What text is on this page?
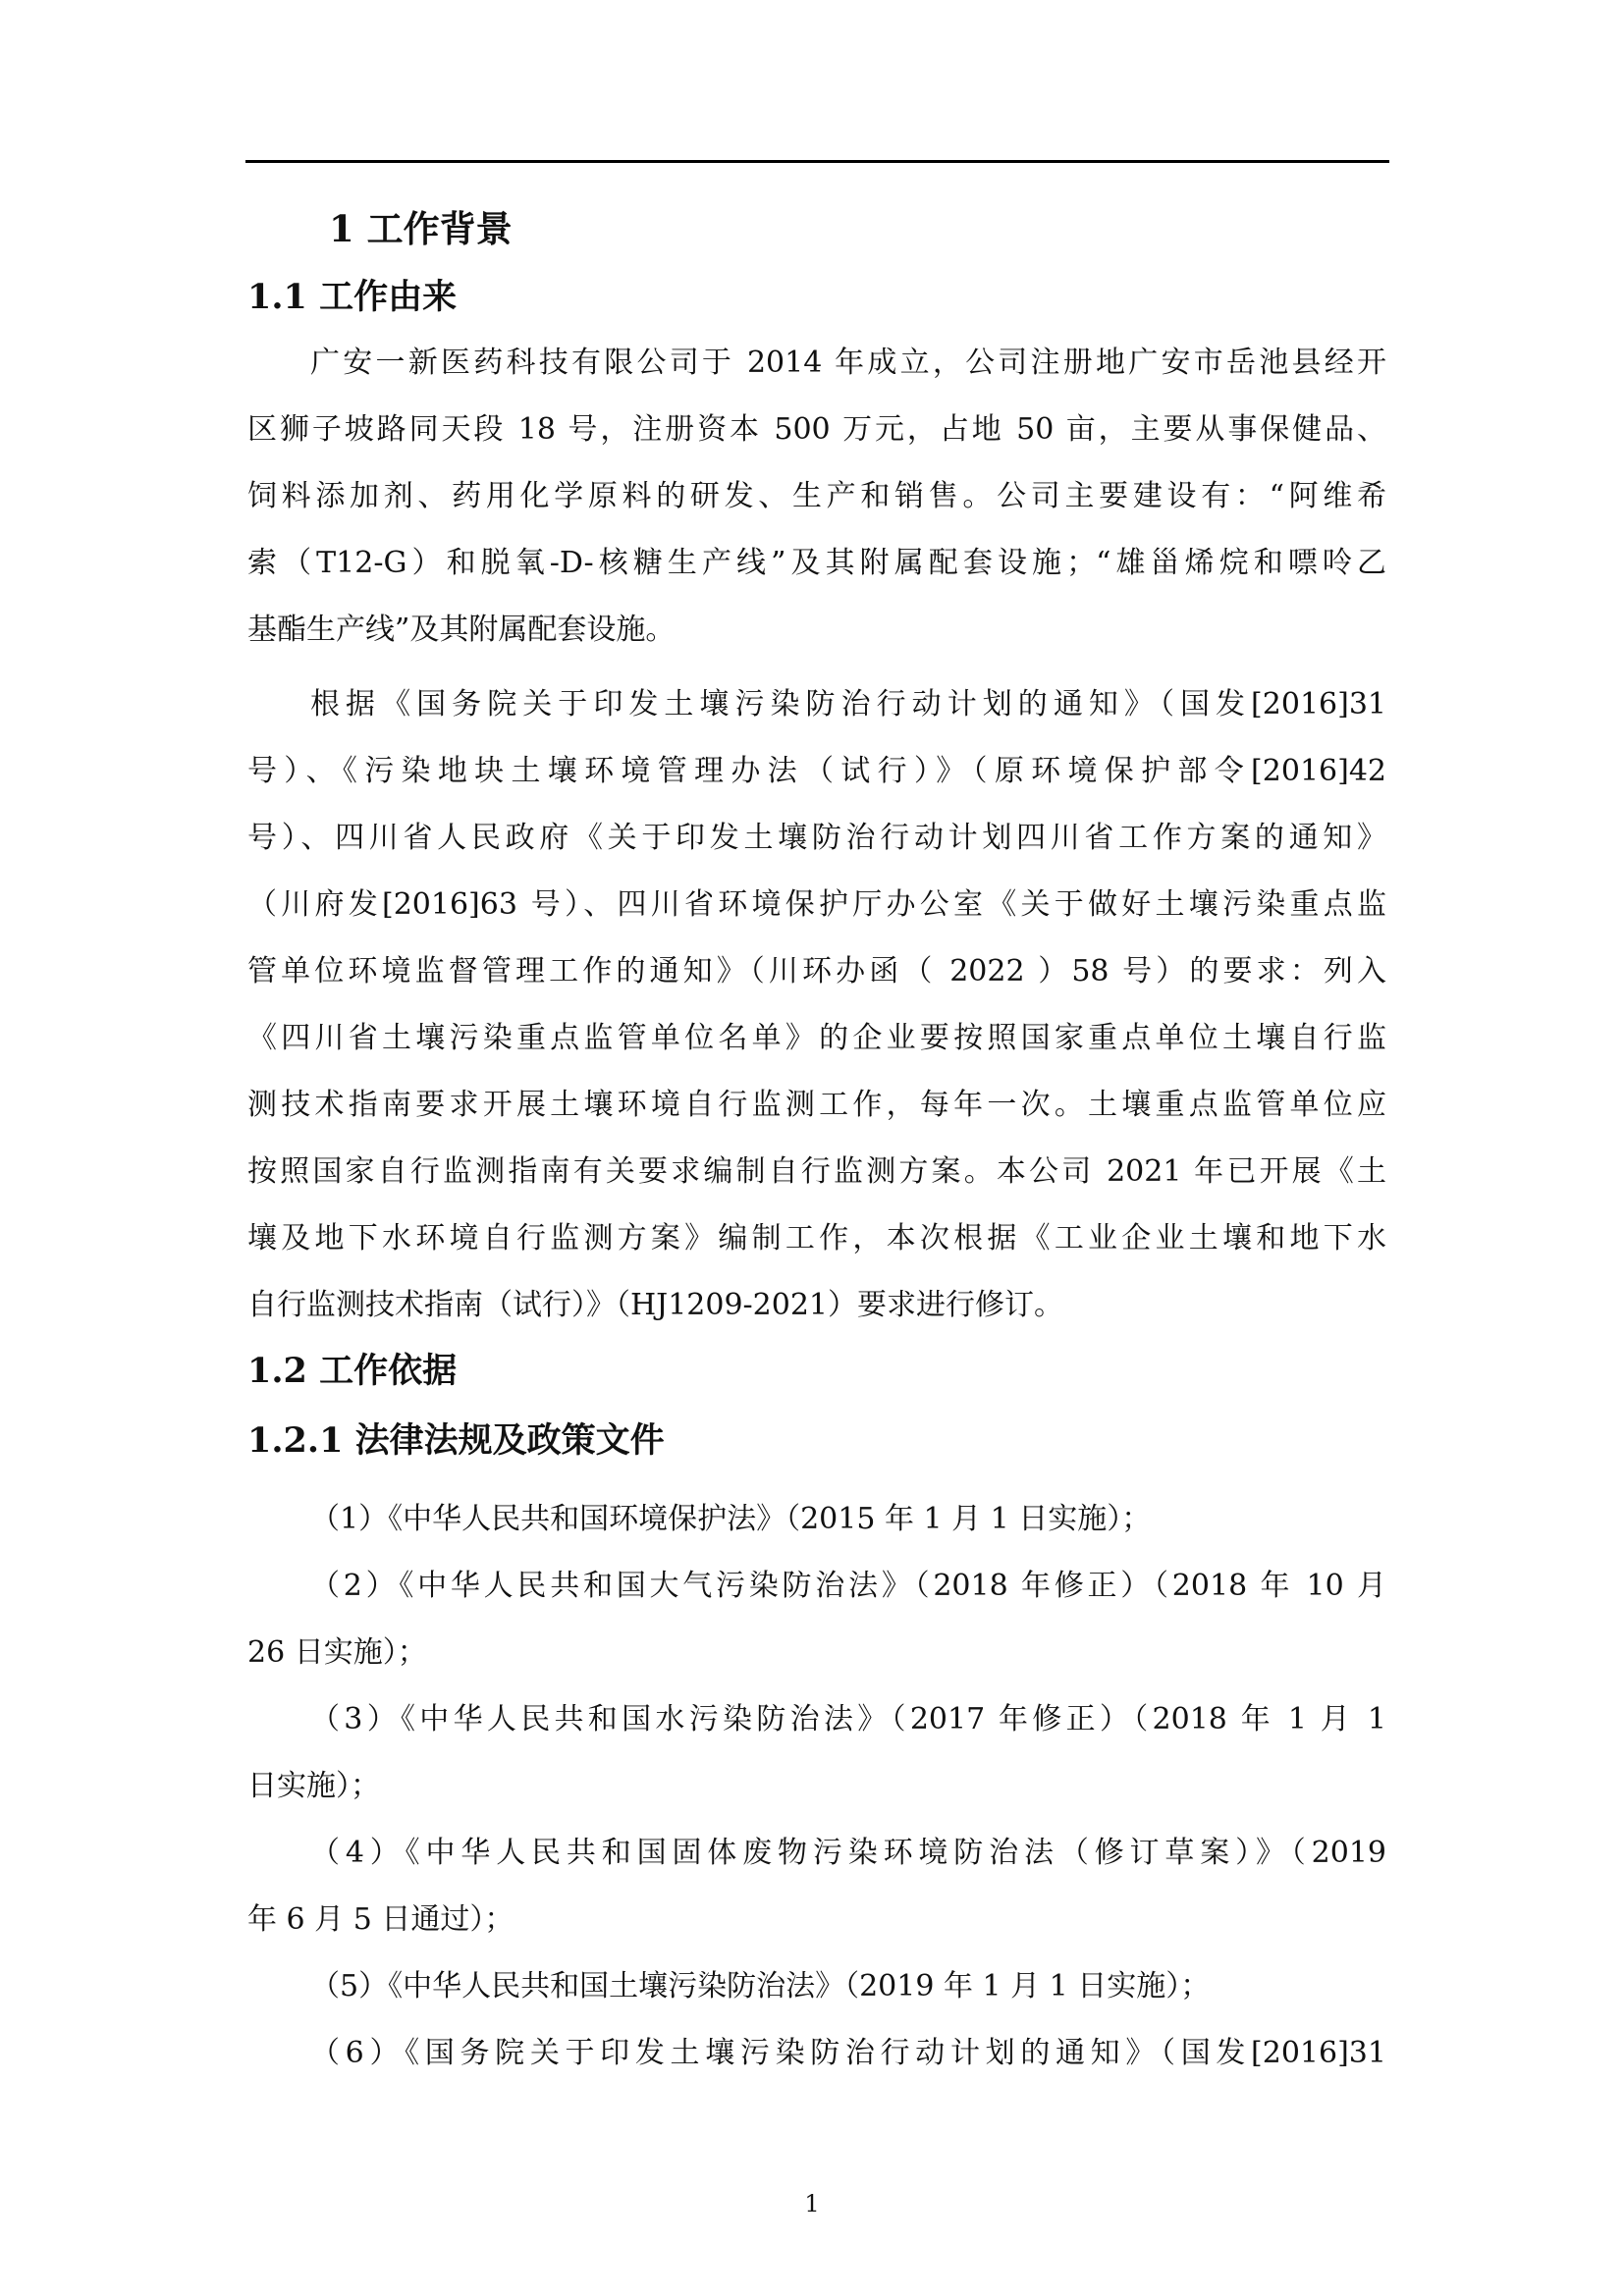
1 工作背景
1.1 工作由来
广安一新医药科技有限公司于 2014 年成立，公司注册地广安市岳池县经开
区狮子坡路同天段 18 号，注册资本 500 万元，占地 50 亩，主要从事保健品、
饲料添加剂、药用化学原料的研发、生产和销售。公司主要建设有：“阿维希
索（T12-G）和脱氧-D-核糖生产线”及其附属配套设施；“雄甾烯烷和嘌呤乙
基酯生产线”及其附属配套设施。
根据《国务院关于印发土壤污染防治行动计划的通知》（国发[2016]31
号）、《污染地块土壤环境管理办法（试行）》（原环境保护部令[2016]42
号）、四川省人民政府《关于印发土壤防治行动计划四川省工作方案的通知》
（川府发[2016]63 号）、四川省环境保护厅办公室《关于做好土壤污染重点监
管单位环境监督管理工作的通知》（川环办函（ 2022 ）58 号）的要求：列入
《四川省土壤污染重点监管单位名单》的企业要按照国家重点单位土壤自行监
测技术指南要求开展土壤环境自行监测工作，每年一次。土壤重点监管单位应
按照国家自行监测指南有关要求编制自行监测方案。本公司 2021 年已开展《土
壤及地下水环境自行监测方案》编制工作，本次根据《工业企业土壤和地下水
自行监测技术指南（试行）》（HJ1209-2021）要求进行修订。
1.2 工作依据
1.2.1 法律法规及政策文件
（1）《中华人民共和国环境保护法》（2015 年 1 月 1 日实施）；
（2）《中华人民共和国大气污染防治法》（2018 年修正）（2018 年 10 月
26 日实施）；
（3）《中华人民共和国水污染防治法》（2017 年修正）（2018 年 1 月 1
日实施）；
（4）《中华人民共和国固体废物污染环境防治法（修订草案）》（2019
年 6 月 5 日通过）；
（5）《中华人民共和国土壤污染防治法》（2019 年 1 月 1 日实施）；
（6）《国务院关于印发土壤污染防治行动计划的通知》（国发[2016]31
1
